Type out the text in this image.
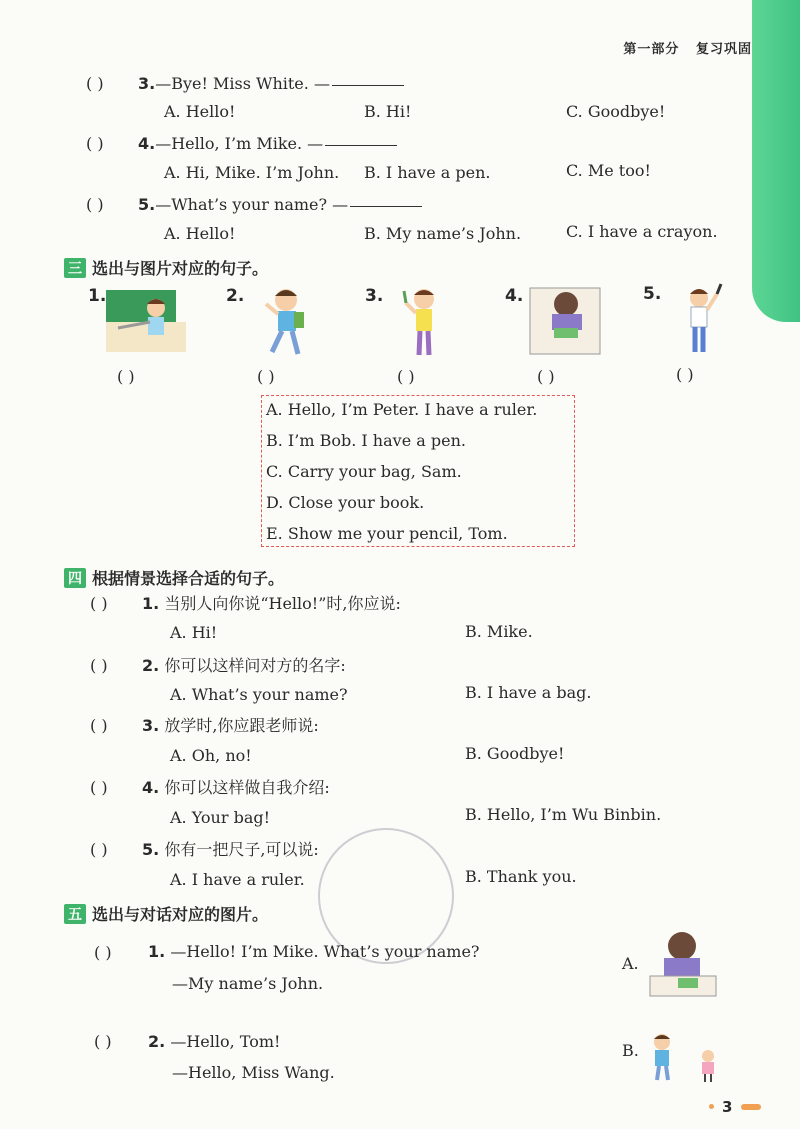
第一部分 复习巩固
( ) 3.—Bye! Miss White. —
A. Hello!	B. Hi!	C. Goodbye!
( ) 4.—Hello, I’m Mike. —
A. Hi, Mike. I’m John. B. I have a pen.	C. Me too!
( ) 5.—What’s your name? —
A. Hello!	B. My name’s John.	C. I have a crayon.
三 选出与图片对应的句子。
1.
( )
2.
( )
3.
( )
4.
( )
5.
( )
A. Hello, I’m Peter. I have a ruler.
B. I’m Bob. I have a pen.
C. Carry your bag, Sam.
D. Close your book.
E. Show me your pencil, Tom.
四 根据情景选择合适的句子。
( ) 1. 当别人向你说“Hello!”时,你应说:
A. Hi!	B. Mike.
( ) 2. 你可以这样问对方的名字:
A. What’s your name?	B. I have a bag.
( ) 3. 放学时,你应跟老师说:
A. Oh, no!	B. Goodbye!
( ) 4. 你可以这样做自我介绍:
A. Your bag!	B. Hello, I’m Wu Binbin.
( ) 5. 你有一把尺子,可以说:
A. I have a ruler.	B. Thank you.
五 选出与对话对应的图片。
( ) 1. —Hello! I’m Mike. What’s your name?
—My name’s John.
( ) 2. —Hello, Tom!
—Hello, Miss Wang.
A.
B.
3
